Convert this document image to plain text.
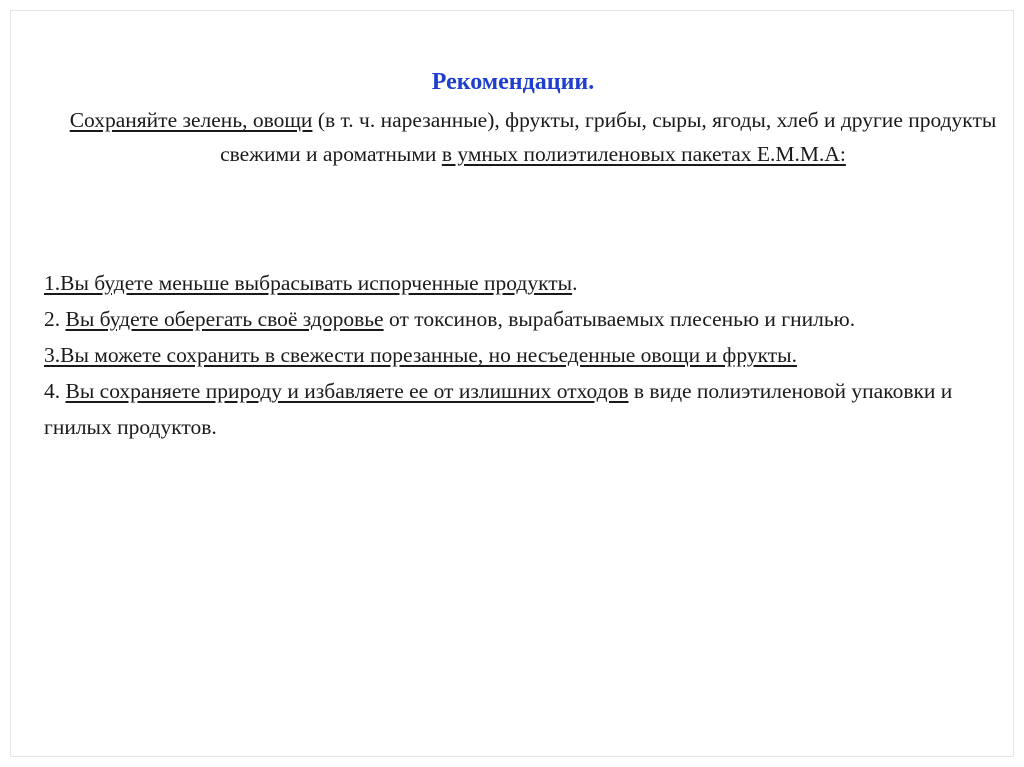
Рекомендации.

Сохраняйте зелень, овощи (в т. ч. нарезанные), фрукты, грибы, сыры, ягоды, хлеб и другие продукты свежими и ароматными в умных полиэтиленовых пакетах Е.М.М.А:

1.Вы будете меньше выбрасывать испорченные продукты.

2. Вы будете оберегать своё здоровье от токсинов, вырабатываемых плесенью и гнилью.

3.Вы можете сохранить в свежести порезанные, но несъеденные овощи и фрукты.

4. Вы сохраняете природу и избавляете ее от излишних отходов в виде полиэтиленовой упаковки и гнилых продуктов.
